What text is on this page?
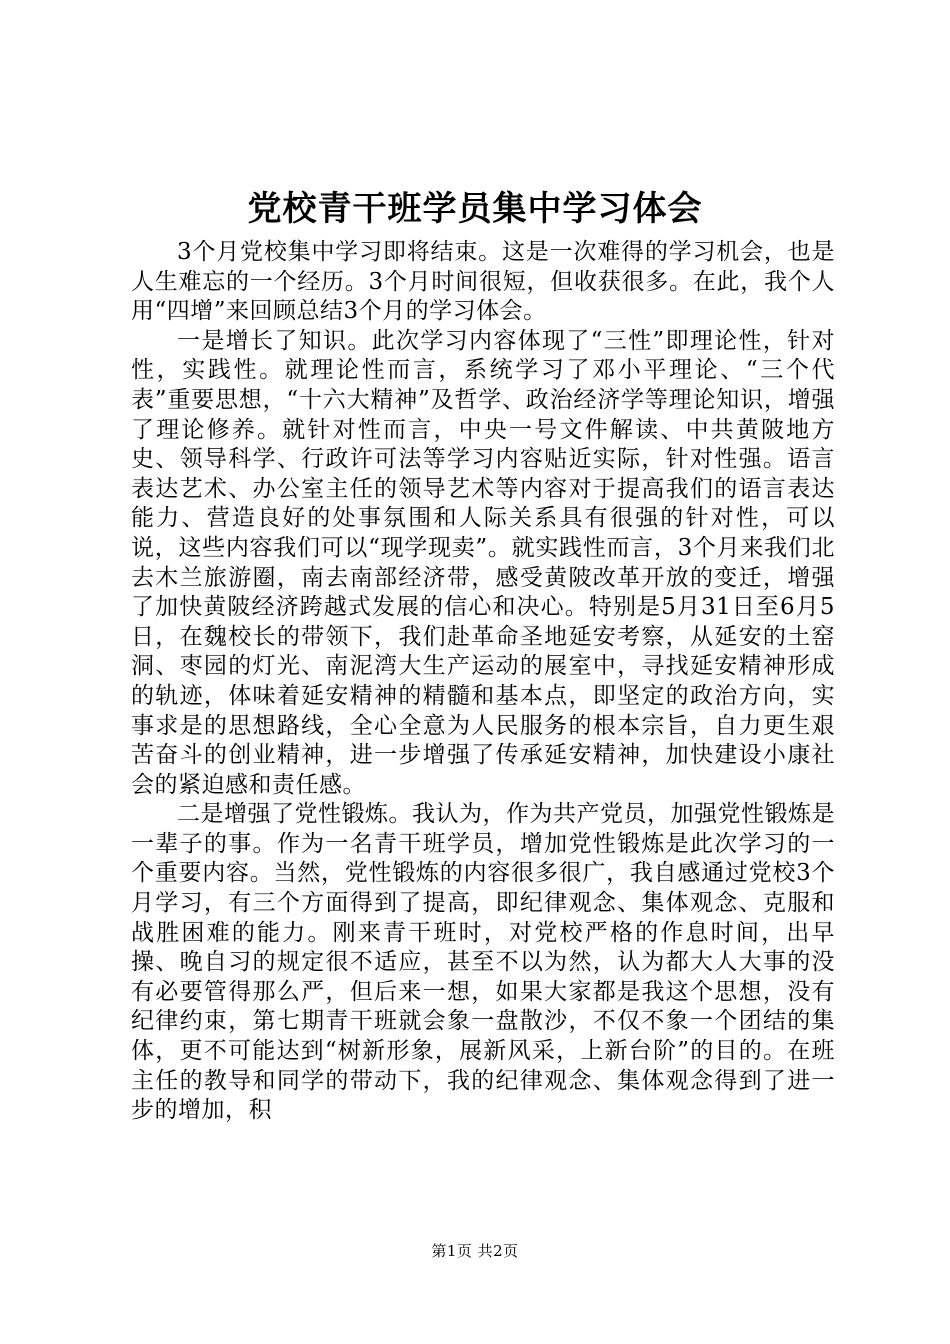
党校青干班学员集中学习体会

3个月党校集中学习即将结束。这是一次难得的学习机会，也是人生难忘的一个经历。3个月时间很短，但收获很多。在此，我个人用“四增”来回顾总结3个月的学习体会。

一是增长了知识。此次学习内容体现了“三性”即理论性，针对性，实践性。就理论性而言，系统学习了邓小平理论、“三个代表”重要思想，“十六大精神”及哲学、政治经济学等理论知识，增强了理论修养。就针对性而言，中央一号文件解读、中共黄陂地方史、领导科学、行政许可法等学习内容贴近实际，针对性强。语言表达艺术、办公室主任的领导艺术等内容对于提高我们的语言表达能力、营造良好的处事氛围和人际关系具有很强的针对性，可以说，这些内容我们可以“现学现卖”。就实践性而言，3个月来我们北去木兰旅游圈，南去南部经济带，感受黄陂改革开放的变迁，增强了加快黄陂经济跨越式发展的信心和决心。特别是5月31日至6月5日，在魏校长的带领下，我们赴革命圣地延安考察，从延安的土窑洞、枣园的灯光、南泥湾大生产运动的展室中，寻找延安精神形成的轨迹，体味着延安精神的精髓和基本点，即坚定的政治方向，实事求是的思想路线，全心全意为人民服务的根本宗旨，自力更生艰苦奋斗的创业精神，进一步增强了传承延安精神，加快建设小康社会的紧迫感和责任感。

二是增强了党性锻炼。我认为，作为共产党员，加强党性锻炼是一辈子的事。作为一名青干班学员，增加党性锻炼是此次学习的一个重要内容。当然，党性锻炼的内容很多很广，我自感通过党校3个月学习，有三个方面得到了提高，即纪律观念、集体观念、克服和战胜困难的能力。刚来青干班时，对党校严格的作息时间，出早操、晚自习的规定很不适应，甚至不以为然，认为都大人大事的没有必要管得那么严，但后来一想，如果大家都是我这个思想，没有纪律约束，第七期青干班就会象一盘散沙，不仅不象一个团结的集体，更不可能达到“树新形象，展新风采，上新台阶”的目的。在班主任的教导和同学的带动下，我的纪律观念、集体观念得到了进一步的增加，积

第1页 共2页
